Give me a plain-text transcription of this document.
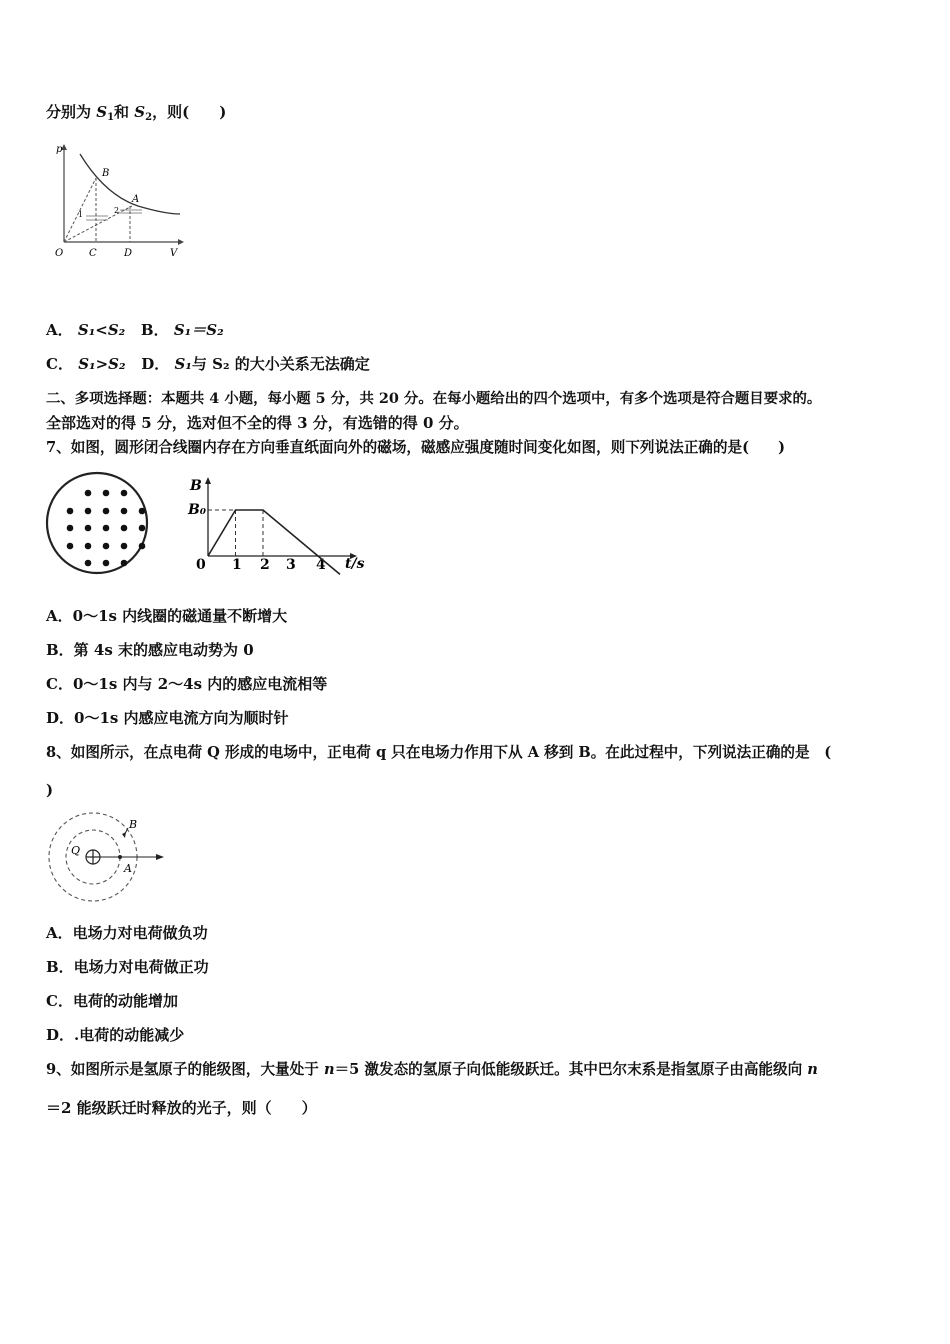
分别为 $S_1$和 $S_2$，则(　　)
p
V
O
B
A
C	D
1	2
A． S₁<S₂ B． S₁＝S₂
C． S₁>S₂ D． S₁与 S₂ 的大小关系无法确定
二、多项选择题：本题共 4 小题，每小题 5 分，共 20 分。在每小题给出的四个选项中，有多个选项是符合题目要求的。
全部选对的得 5 分，选对但不全的得 3 分，有选错的得 0 分。
7、如图，圆形闭合线圈内存在方向垂直纸面向外的磁场，磁感应强度随时间变化如图，则下列说法正确的是(　　)
B
B₀
t/s
0 1 2 3 4
A．0～1s 内线圈的磁通量不断增大
B．第 4s 末的感应电动势为 0
C．0～1s 内与 2～4s 内的感应电流相等
D．0～1s 内感应电流方向为顺时针
8、如图所示，在点电荷 Q 形成的电场中，正电荷 q 只在电场力作用下从 A 移到 B。在此过程中，下列说法正确的是　(
)
Q
A
B
A．电场力对电荷做负功
B．电场力对电荷做正功
C．电荷的动能增加
D．.电荷的动能减少
9、如图所示是氢原子的能级图，大量处于 n＝5 激发态的氢原子向低能级跃迁。其中巴尔末系是指氢原子由高能级向 n
＝2 能级跃迁时释放的光子，则（　　）
